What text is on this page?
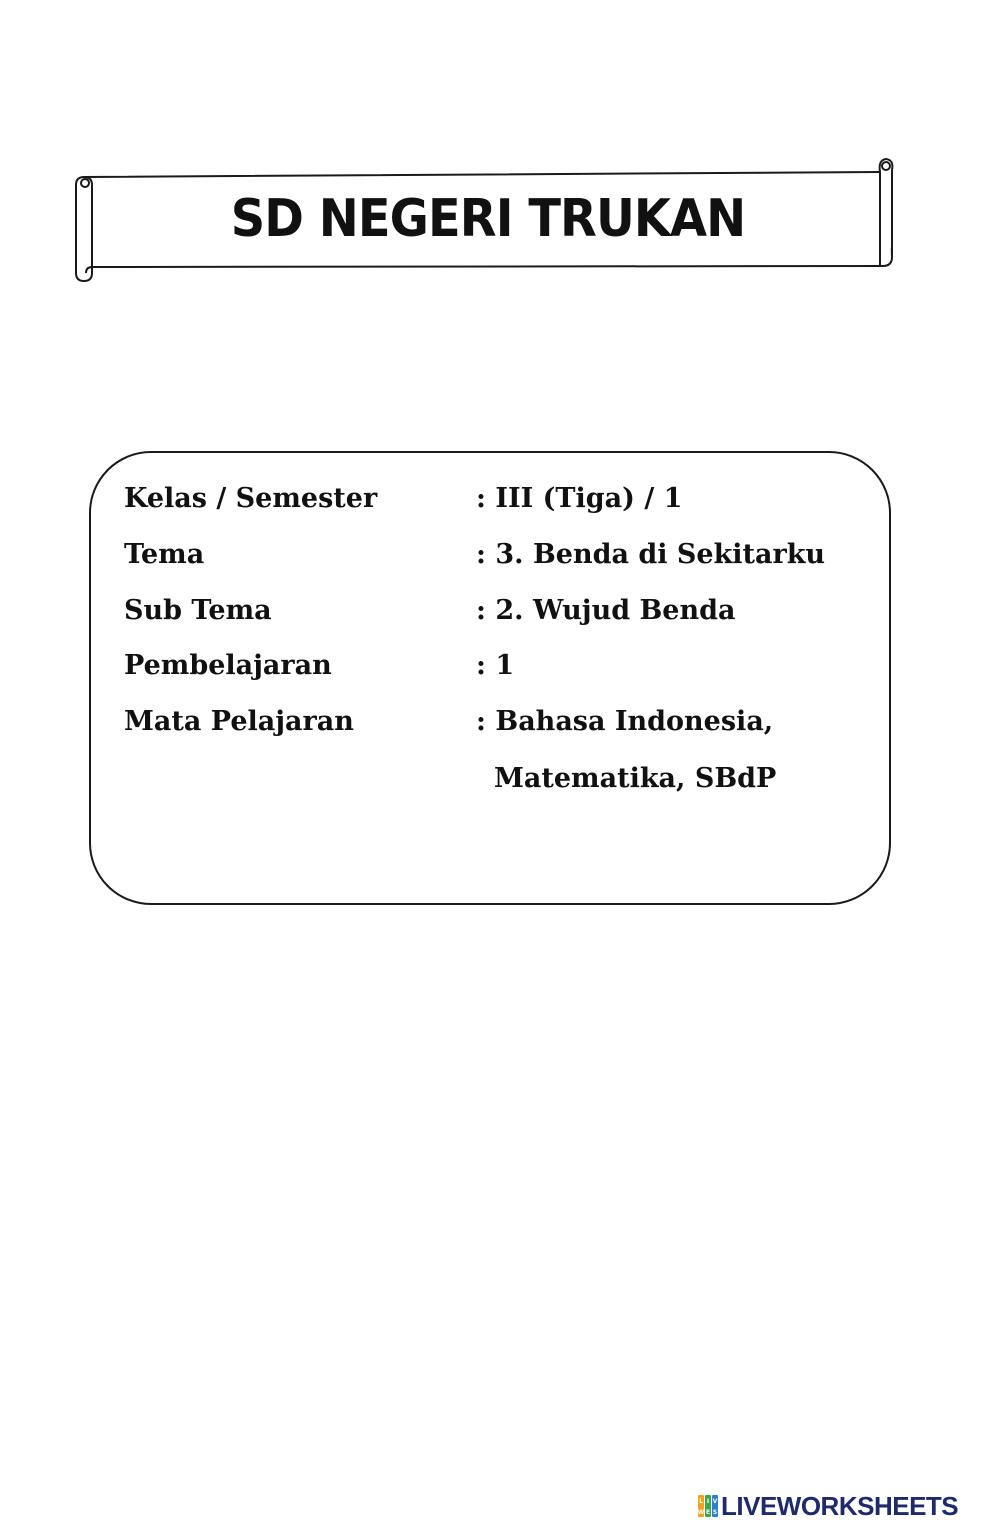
SD NEGERI TRUKAN
Kelas / Semester	: III (Tiga) / 1
Tema	: 3. Benda di Sekitarku
Sub Tema	: 2. Wujud Benda
Pembelajaran	: 1
Mata Pelajaran	: Bahasa Indonesia,
Matematika, SBdP
L I V
W E S LIVEWORKSHEETS
